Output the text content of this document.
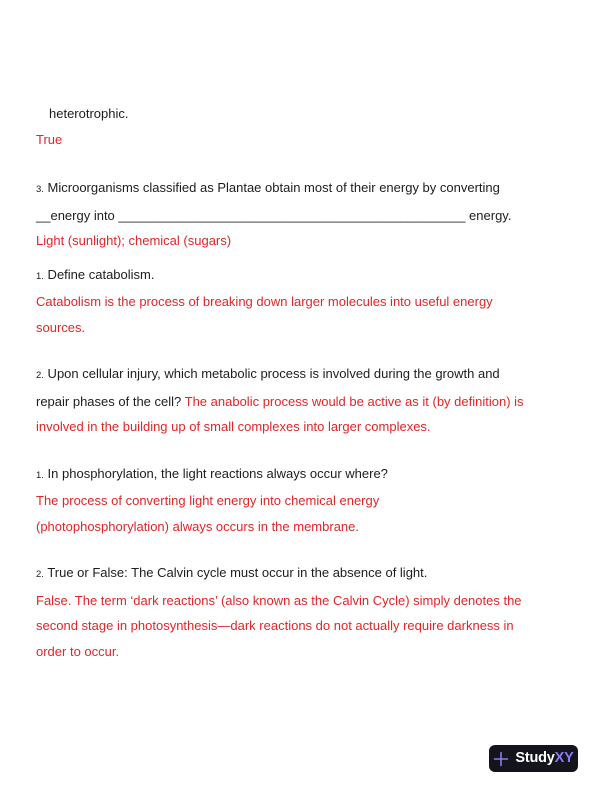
heterotrophic.

True

3. Microorganisms classified as Plantae obtain most of their energy by converting

__energy into ________________________________________________ energy.

Light (sunlight); chemical (sugars)

1. Define catabolism.

Catabolism is the process of breaking down larger molecules into useful energy

sources.

2. Upon cellular injury, which metabolic process is involved during the growth and

repair phases of the cell? The anabolic process would be active as it (by definition) is

involved in the building up of small complexes into larger complexes.

1. In phosphorylation, the light reactions always occur where?

The process of converting light energy into chemical energy

(photophosphorylation) always occurs in the membrane.

2. True or False: The Calvin cycle must occur in the absence of light.

False. The term ‘dark reactions’ (also known as the Calvin Cycle) simply denotes the

second stage in photosynthesis—dark reactions do not actually require darkness in

order to occur.

StudyXY
